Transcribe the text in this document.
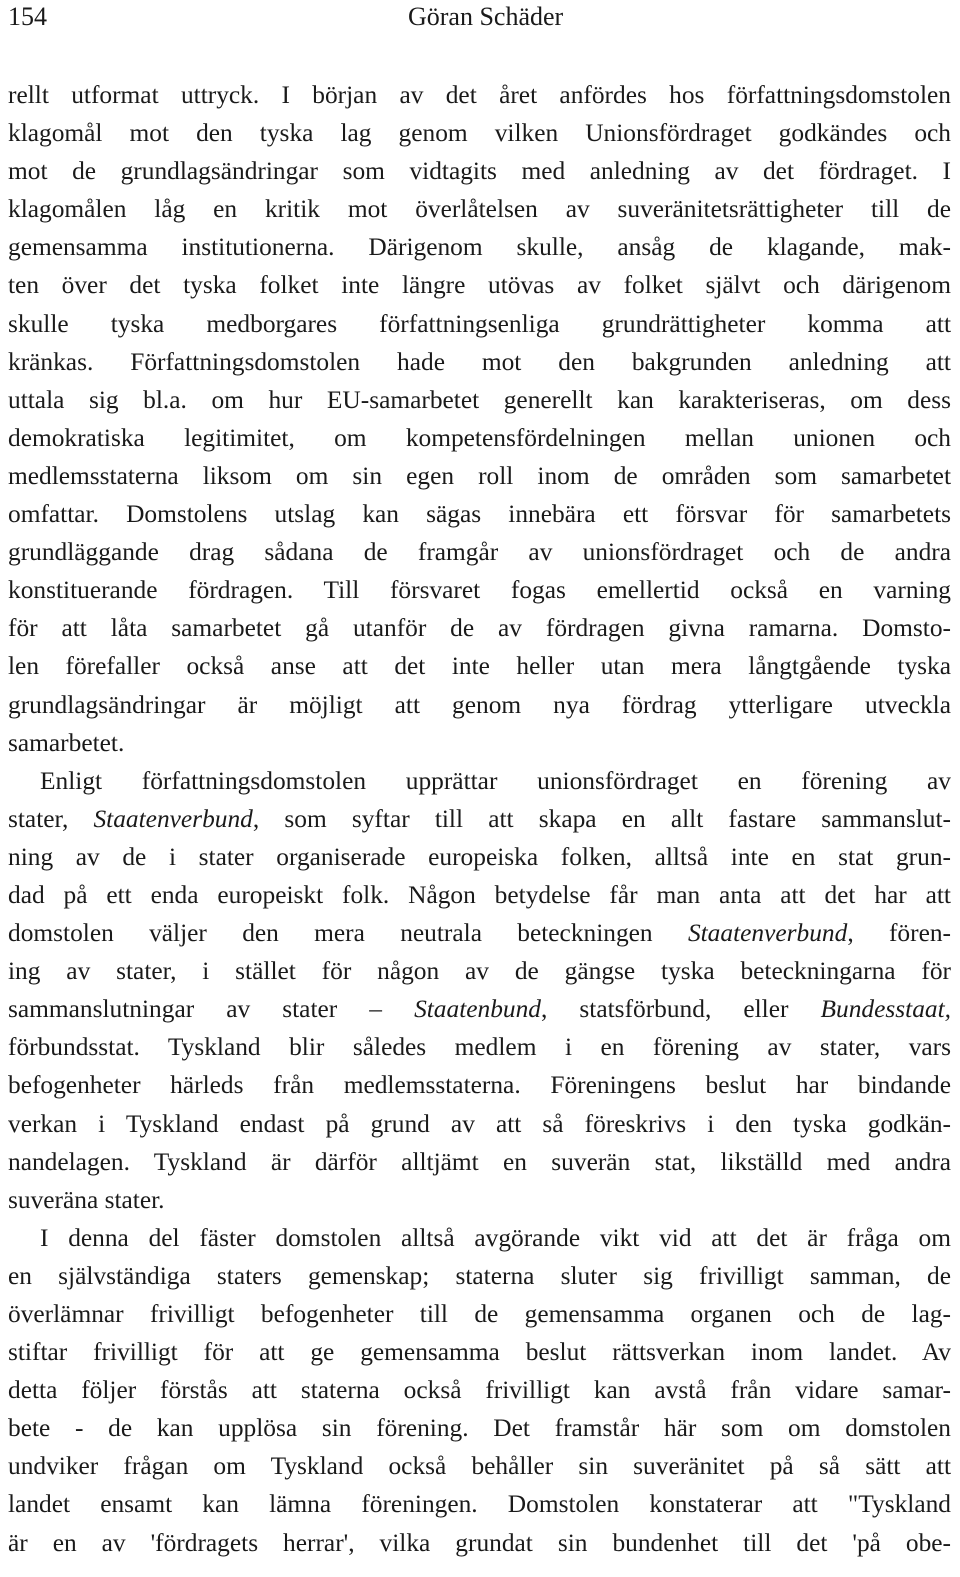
154	Göran Schäder
rellt utformat uttryck. I början av det året anfördes hos författningsdomstolen
klagomål mot den tyska lag genom vilken Unionsfördraget godkändes och
mot de grundlagsändringar som vidtagits med anledning av det fördraget. I
klagomålen låg en kritik mot överlåtelsen av suveränitetsrättigheter till de
gemensamma institutionerna. Därigenom skulle, ansåg de klagande, mak-
ten över det tyska folket inte längre utövas av folket självt och därigenom
skulle tyska medborgares författningsenliga grundrättigheter komma att
kränkas. Författningsdomstolen hade mot den bakgrunden anledning att
uttala sig bl.a. om hur EU-samarbetet generellt kan karakteriseras, om dess
demokratiska legitimitet, om kompetensfördelningen mellan unionen och
medlemsstaterna liksom om sin egen roll inom de områden som samarbetet
omfattar. Domstolens utslag kan sägas innebära ett försvar för samarbetets
grundläggande drag sådana de framgår av unionsfördraget och de andra
konstituerande fördragen. Till försvaret fogas emellertid också en varning
för att låta samarbetet gå utanför de av fördragen givna ramarna. Domsto-
len förefaller också anse att det inte heller utan mera långtgående tyska
grundlagsändringar är möjligt att genom nya fördrag ytterligare utveckla
samarbetet.
Enligt författningsdomstolen upprättar unionsfördraget en förening av
stater, Staatenverbund, som syftar till att skapa en allt fastare sammanslut-
ning av de i stater organiserade europeiska folken, alltså inte en stat grun-
dad på ett enda europeiskt folk. Någon betydelse får man anta att det har att
domstolen väljer den mera neutrala beteckningen Staatenverbund, fören-
ing av stater, i stället för någon av de gängse tyska beteckningarna för
sammanslutningar av stater – Staatenbund, statsförbund, eller Bundesstaat,
förbundsstat. Tyskland blir således medlem i en förening av stater, vars
befogenheter härleds från medlemsstaterna. Föreningens beslut har bindande
verkan i Tyskland endast på grund av att så föreskrivs i den tyska godkän-
nandelagen. Tyskland är därför alltjämt en suverän stat, likställd med andra
suveräna stater.
I denna del fäster domstolen alltså avgörande vikt vid att det är fråga om
en självständiga staters gemenskap; staterna sluter sig frivilligt samman, de
överlämnar frivilligt befogenheter till de gemensamma organen och de lag-
stiftar frivilligt för att ge gemensamma beslut rättsverkan inom landet. Av
detta följer förstås att staterna också frivilligt kan avstå från vidare samar-
bete - de kan upplösa sin förening. Det framstår här som om domstolen
undviker frågan om Tyskland också behåller sin suveränitet på så sätt att
landet ensamt kan lämna föreningen. Domstolen konstaterar att "Tyskland
är en av 'fördragets herrar', vilka grundat sin bundenhet till det 'på obe-
